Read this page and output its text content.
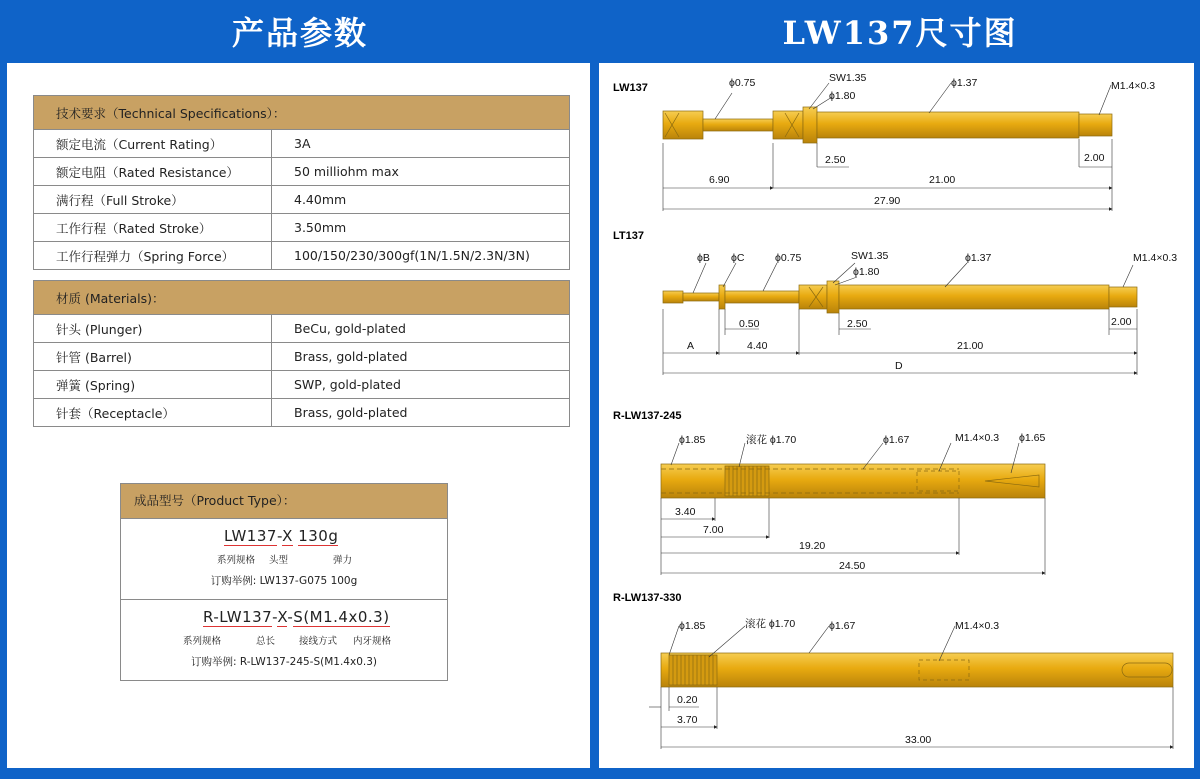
产品参数	LW137尺寸图
技术要求（Technical Specifications）：	
额定电流（Current Rating）	3A
额定电阻（Rated Resistance）	50 milliohm max
满行程（Full Stroke）	4.40mm
工作行程（Rated Stroke）	3.50mm
工作行程弹力（Spring Force）	100/150/230/300gf(1N/1.5N/2.3N/3N)
材质 (Materials)：	
针头 (Plunger)	BeCu, gold-plated
针管 (Barrel)	Brass, gold-plated
弹簧 (Spring)	SWP, gold-plated
针套（Receptacle）	Brass, gold-plated
成品型号（Product Type）：
LW137-X 130g
系列规格 头型	弹力
订购举例: LW137-G075 100g
R-LW137-X-S(M1.4x0.3)
系列规格	总长	接线方式 内牙规格
订购举例: R-LW137-245-S(M1.4x0.3)
LW137	ϕ0.75	SW1.35
ϕ1.80
ϕ1.37	M1.4×0.3
2.50	2.00
6.90	21.00
27.90
LT137
ϕB ϕC	ϕ0.75	SW1.35
ϕ1.80
ϕ1.37	M1.4×0.3
0.50	2.50	2.00
A	4.40	21.00
D
R-LW137-245
ϕ1.85	滚花 ϕ1.70	ϕ1.67	M1.4×0.3 ϕ1.65
3.40
7.00
19.20
24.50
R-LW137-330
ϕ1.85	滚花 ϕ1.70	ϕ1.67	M1.4×0.3
0.20
3.70
33.00
